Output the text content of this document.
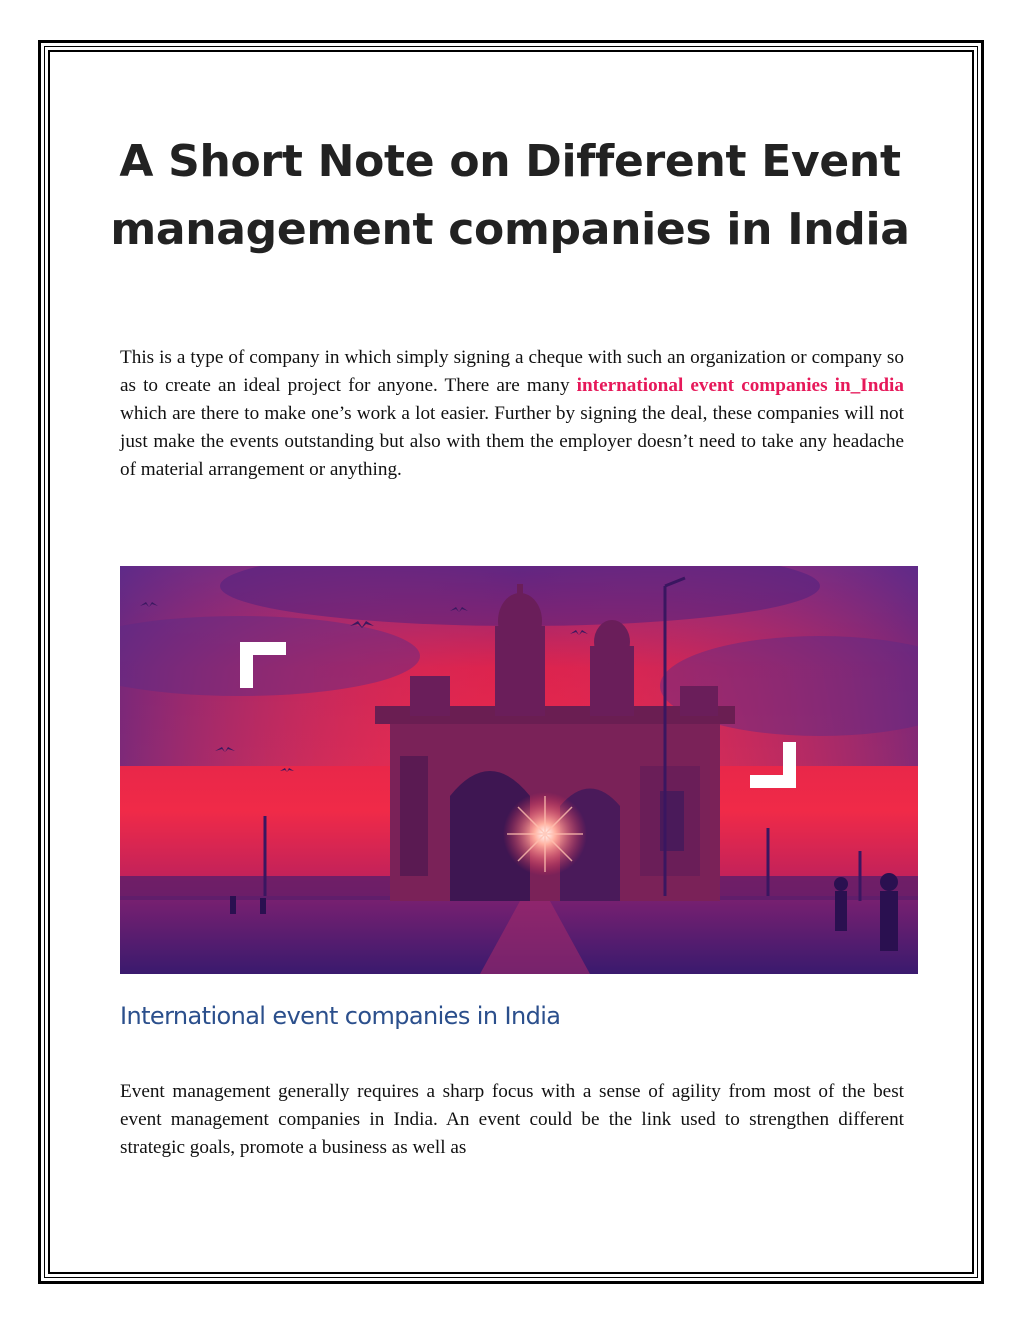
A Short Note on Different Event management companies in India

This is a type of company in which simply signing a cheque with such an organization or company so as to create an ideal project for anyone. There are many international event companies in_India which are there to make one’s work a lot easier. Further by signing the deal, these companies will not just make the events outstanding but also with them the employer doesn’t need to take any headache of material arrangement or anything.

International event companies in India

Event management generally requires a sharp focus with a sense of agility from most of the best event management companies in India. An event could be the link used to strengthen different strategic goals, promote a business as well as
